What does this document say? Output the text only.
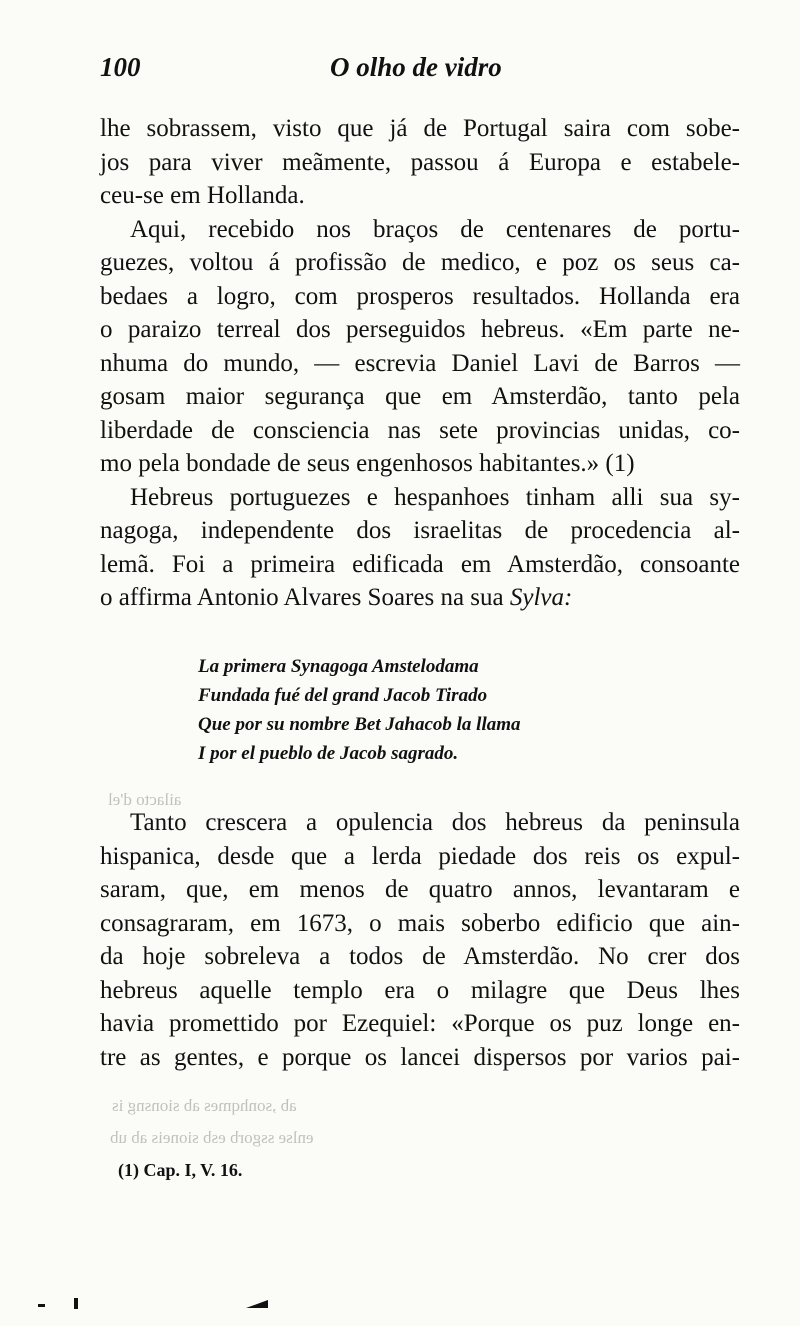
100	O olho de vidro
lhe sobrassem, visto que já de Portugal saira com sobe-
jos para viver meãmente, passou á Europa e estabele-
ceu-se em Hollanda.
Aqui, recebido nos braços de centenares de portu-
guezes, voltou á profissão de medico, e poz os seus ca-
bedaes a logro, com prosperos resultados. Hollanda era
o paraizo terreal dos perseguidos hebreus. «Em parte ne-
nhuma do mundo, — escrevia Daniel Lavi de Barros —
gosam maior segurança que em Amsterdão, tanto pela
liberdade de consciencia nas sete provincias unidas, co-
mo pela bondade de seus engenhosos habitantes.» (1)
Hebreus portuguezes e hespanhoes tinham alli sua sy-
nagoga, independente dos israelitas de procedencia al-
lemã. Foi a primeira edificada em Amsterdão, consoante
o affirma Antonio Alvares Soares na sua Sylva:
La primera Synagoga Amstelodama
Fundada fué del grand Jacob Tirado
Que por su nombre Bet Jahacob la llama
I por el pueblo de Jacob sagrado.
Tanto crescera a opulencia dos hebreus da peninsula
hispanica, desde que a lerda piedade dos reis os expul-
saram, que, em menos de quatro annos, levantaram e
consagraram, em 1673, o mais soberbo edificio que ain-
da hoje sobreleva a todos de Amsterdão. No crer dos
hebreus aquelle templo era o milagre que Deus lhes
havia promettido por Ezequiel: «Porque os puz longe en-
tre as gentes, e porque os lancei dispersos por varios pai-
ailacto d'el
ab ,sonhqmes ab sionsng is
enlse ssgorb esb sioneis ab ub
(1) Cap. I, V. 16.
